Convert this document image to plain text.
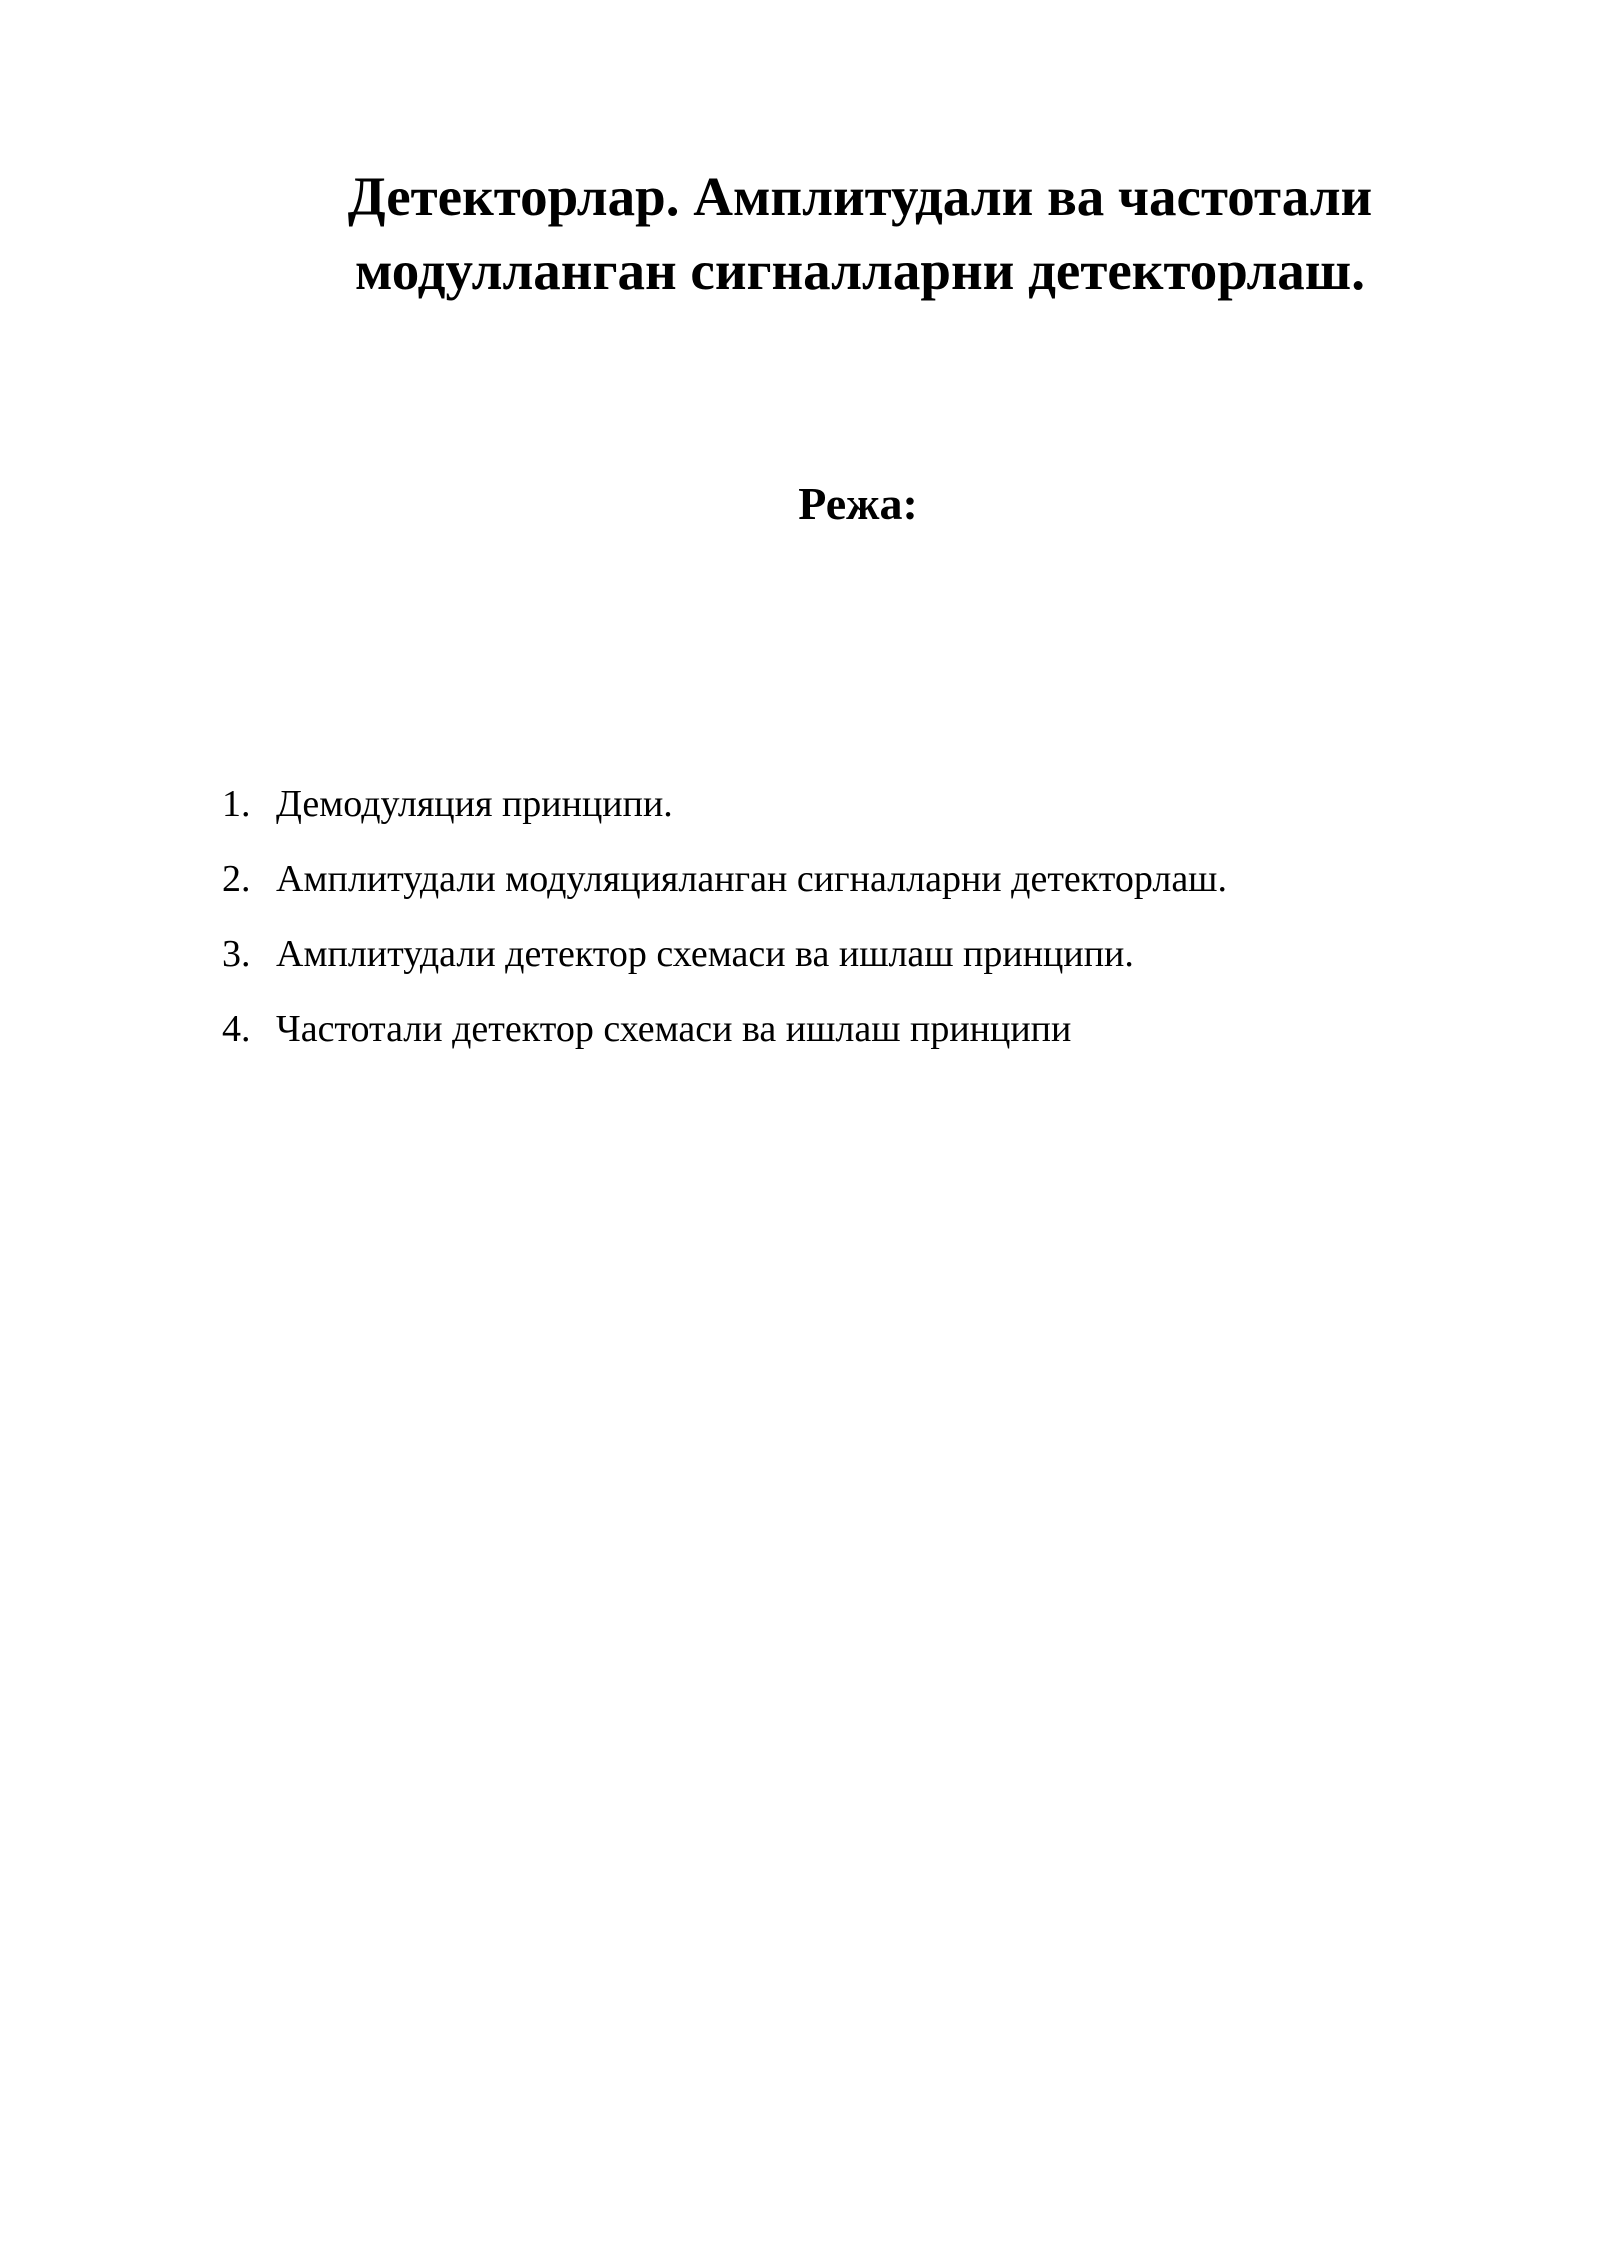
Детекторлар. Амплитудали ва частотали
модулланган сигналларни детекторлаш.
Режа:
1. Демодуляция принципи.
2. Амплитудали модуляцияланган сигналларни детекторлаш.
3. Амплитудали детектор схемаси ва ишлаш принципи.
4. Частотали детектор схемаси ва ишлаш принципи
